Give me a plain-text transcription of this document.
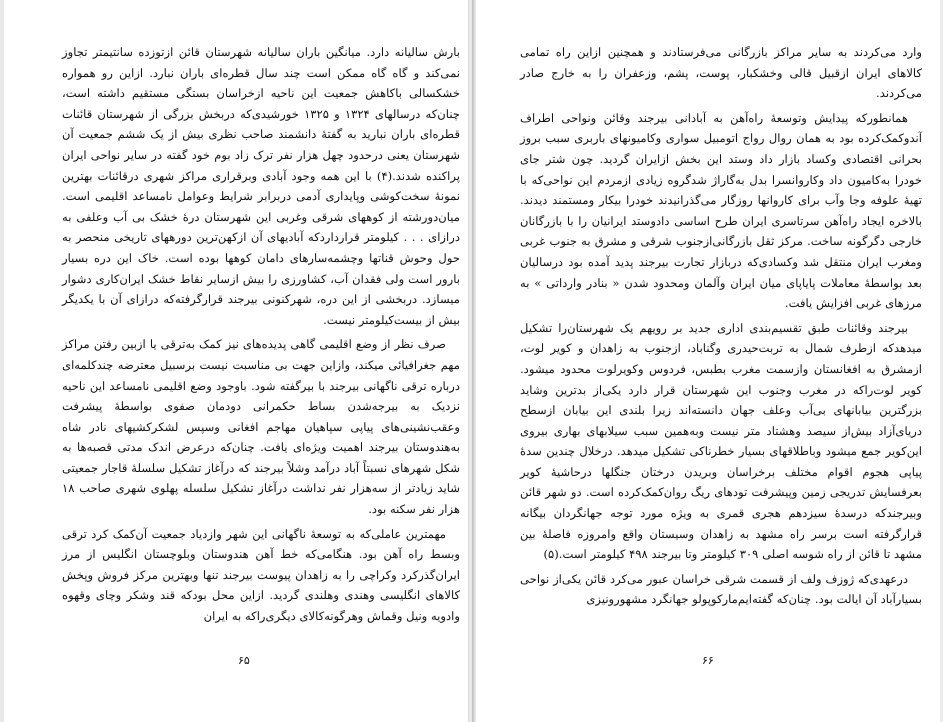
بارش سالیانه دارد. میانگین باران سالیانه شهرستان قائن ازتوزده سانتیمتر تجاوز نمی‌کند و گاه گاه ممکن است چند سال قطره‌ای باران نبارد. ازاین رو همواره خشکسالی باکاهش جمعیت این ناحیه ازخراسان بستگی مستقیم داشته است، چنان‌که درسالهای ۱۳۲۴ و ۱۳۲۵ خورشیدی‌که دربخش بزرگی از شهرستان قائنات قطره‌ای باران نبارید به گفتهٔ دانشمند صاحب نظری بیش از یک ششم جمعیت آن شهرستان یعنی درحدود چهل هزار نفر ترک زاد بوم خود گفته در سایر نواحی ایران پراکنده شدند.(۴) با این همه وجود آبادی وبرقراری مراکز شهری درقائنات بهترین نمونهٔ سخت‌کوشی وپایداری آدمی دربرابر شرایط وعوامل نامساعد اقلیمی است. میان‌دورشته از کوههای شرقی وغربی این شهرستان درهٔ خشک بی آب وعلفی به درازای . . . کیلومتر قرارداردکه آبادیهای آن ازکهن‌ترین دورههای تاریخی منحصر به حول وحوش قناتها وچشمه‌سارهای دامان کوهها بوده است. خاک این دره بسیار بارور است ولی فقدان آب، کشاورزی را بیش ازسایر نقاط خشک ایران‌کاری دشوار میسازد. دربخشی از این دره، شهرکنونی بیرجند قرارگرفته‌که درازای آن با یکدیگر بیش از بیست‌کیلومتر نیست.

صرف نظر از وضع اقلیمی گاهی پدیده‌های نیز کمک به‌ترقی یا ازبین رفتن مراکز مهم جغرافیائی میکند، وازاین جهت بی مناسبت نیست برسبیل معترضه چندکلمه‌ای درباره ترقی ناگهانی بیرجند با بیرگفته شود. باوجود وضع اقلیمی نامساعد این ناحیه نزدیک به بیرجه‌شدن بساط حکمرانی دودمان صفوی بواسطهٔ پیشرفت وعقب‌نشینی‌های پیاپی سپاهیان مهاجم افغانی وسپس لشکرکشیهای نادر شاه به‌هندوستان بیرجند اهمیت ویژه‌ای یافت. چنان‌که درعرض اندک مدتی قصبه‌ها به شکل شهرهای نسبتاً آباد درآمد وشلاً بیرجند که درآغاز تشکیل سلسلهٔ قاجار جمعیتی شاید زیادتر از سه‌هزار نفر نداشت درآغاز تشکیل سلسله پهلوی شهری صاحب ۱۸ هزار نفر سکنه بود.

مهمترین عاملی‌که به توسعهٔ ناگهانی این شهر وازدیاد جمعیت آن‌کمک کرد ترقی وبسط راه آهن بود. هنگامی‌که خط آهن هندوستان وبلوچستان انگلیس از مرز ایران‌گذرکرد وکراچی را به زاهدان پیوست بیرجند تنها وبهترین مرکز فروش وپخش کالاهای انگلیسی وهندی وهلندی گردید. ازاین محل بود‌که قند وشکر وچای وقهوه وادویه ونیل وقماش وهرگونه‌کالای دیگری‌را‌که به ایران

۶۵

وارد می‌کردند به سایر مراکز بازرگانی می‌فرستادند و همچنین ازاین راه تمامی کالاهای ایران ازقبیل قالی وخشکبار، پوست، پشم، وزعفران را به خارج صادر می‌کردند.

همانطورکه پیدایش وتوسعهٔ راه‌آهن به آبادانی بیرجند وقائن ونواحی اطراف آندوکمک‌کرده بود به همان روال رواج اتومبیل سواری وکامیونهای باربری سبب بروز بحرانی اقتصادی وکساد بازار داد وستد این بخش ازایران گردید. چون شتر جای خودرا به‌کامیون داد وکاروانسرا بدل به‌گاراژ شدگروه زیادی ازمردم این نواحی‌که با تهیهٔ علوفه وجا وآب برای کاروانها روزگار می‌گذرانیدند خودرا بیکار ومستمند دیدند. بالاخره ایجاد راه‌آهن سرتاسری ایران طرح اساسی دادوستد ایرانیان را با بازرگانان خارجی دگرگونه ساخت. مرکز ثقل بازرگانی‌ازجنوب شرقی و مشرق به جنوب غربی ومغرب ایران منتقل شد وکسادی‌که دربازار تجارت بیرجند پدید آمده بود درسالیان بعد بواسطهٔ معاملات پایاپای میان ایران وآلمان ومحدود شدن « بنادر وارداتی » به مرزهای غربی افزایش یافت.

بیرجند وقائنات طبق تقسیم‌بندی اداری جدید بر رویهم یک شهرستان‌را تشکیل میدهد‌که ازطرف شمال به تربت‌حیدری وگناباد، ازجنوب به زاهدان و کویر لوت، ازمشرق به افغانستان وازسمت مغرب بطبس، فردوس وکویرلوت محدود میشود. کویر لوت‌را‌که در مغرب وجنوب این شهرستان قرار دارد یکی‌از بدترین وشاید بزرگترین بیابانهای بی‌آب وعلف جهان دانسته‌اند زیرا بلندی این بیابان ازسطح دریای‌آزاد بیش‌از سیصد وهشتاد متر نیست وبه‌همین سبب سیلابهای بهاری بیروی این‌کویر جمع میشود وباطلاقهای بسیار خطرناکی تشکیل میدهد. درخلال چندین سدهٔ پیاپی هجوم اقوام مختلف برخراسان وبریدن درختان جنگلها درحاشیهٔ کویر بعرفسایش تدریجی زمین وپیشرفت تودهای ریگ روان‌کمک‌کرده است. دو شهر قائن وبیرجند‌که درسدهٔ سیزدهم هجری قمری به ویژه مورد توجه جهانگردان بیگانه قرارگرفته است برسر راه مشهد به زاهدان وسیستان واقع وامروزه فاصلهٔ بین مشهد تا قائن از راه شوسه اصلی ۳۰۹ کیلومتر وتا بیرجند ۴۹۸ کیلومتر است.(۵)

درعهدی‌که ژوزف ولف از قسمت شرقی خراسان عبور می‌کرد قائن یکی‌از نواحی بسیارآباد آن ایالت بود. چنان‌که گفته‌ایم‌مارکوپولو جهانگرد مشهورونیزی

۶۶
